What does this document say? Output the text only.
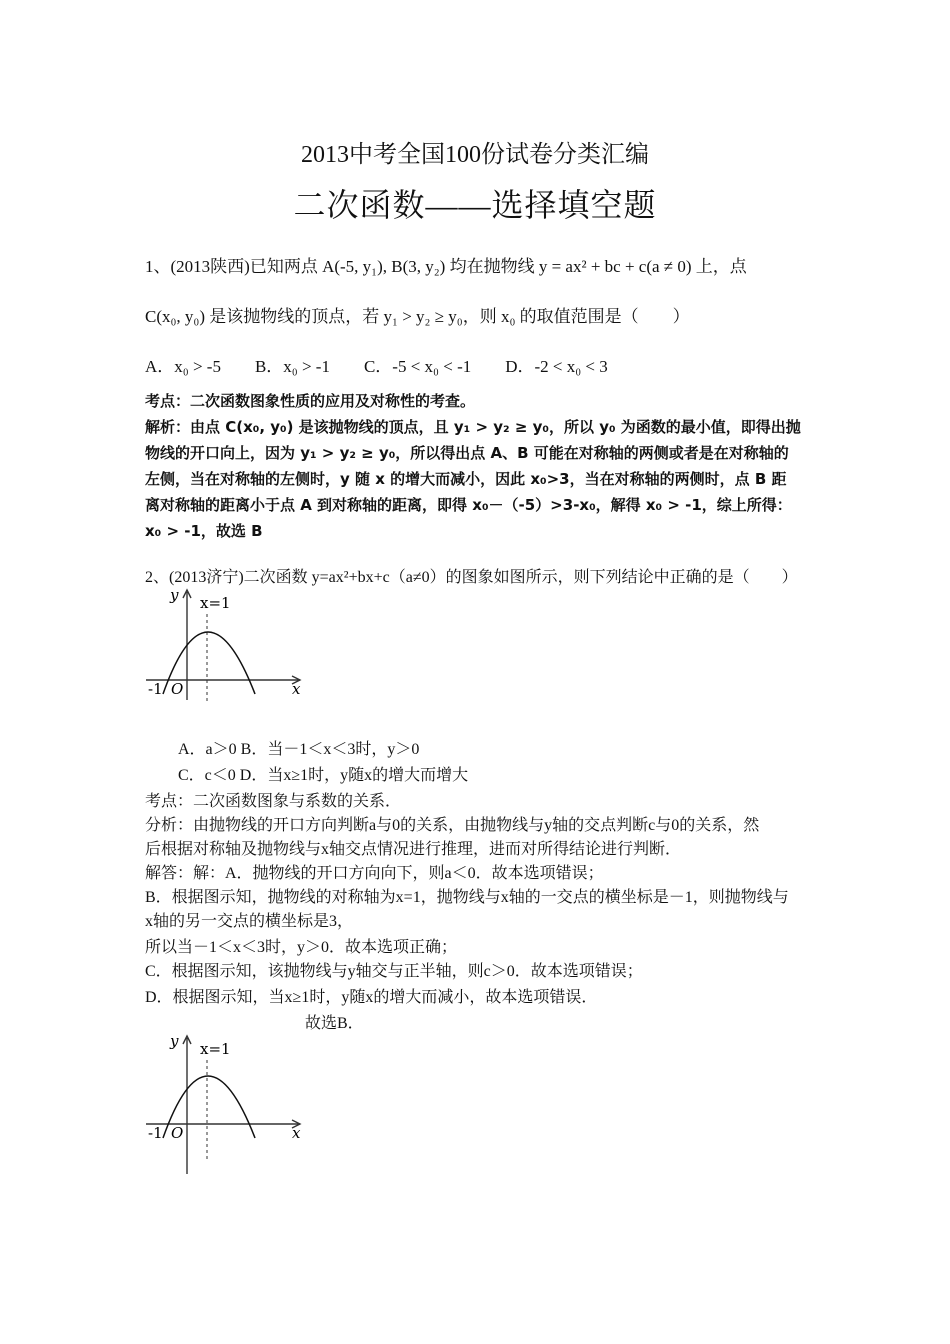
2013中考全国100份试卷分类汇编
二次函数——选择填空题
1、(2013陕西)已知两点 A(-5, y₁), B(3, y₂) 均在抛物线 y = ax² + bc + c(a ≠ 0) 上，点
C(x₀, y₀) 是该抛物线的顶点，若 y₁ > y₂ ≥ y₀，则 x₀ 的取值范围是（　　）
A．x₀ > -5　　B．x₀ > -1　　C．-5 < x₀ < -1　　D．-2 < x₀ < 3
考点：二次函数图象性质的应用及对称性的考查。
解析：由点 C(x₀, y₀) 是该抛物线的顶点，且 y₁ > y₂ ≥ y₀，所以 y₀ 为函数的最小值，即得出抛
物线的开口向上，因为 y₁ > y₂ ≥ y₀，所以得出点 A、B 可能在对称轴的两侧或者是在对称轴的
左侧，当在对称轴的左侧时，y 随 x 的增大而减小，因此 x₀>3，当在对称轴的两侧时，点 B 距
离对称轴的距离小于点 A 到对称轴的距离，即得 x₀－（-5）>3-x₀，解得 x₀ > -1，综上所得：
x₀ > -1，故选 B
2、(2013济宁)二次函数 y=ax²+bx+c（a≠0）的图象如图所示，则下列结论中正确的是（　　）
y
x
x=1
-1 O
A．a＞0 B．当－1＜x＜3时，y＞0
C．c＜0 D．当x≥1时，y随x的增大而增大
考点：二次函数图象与系数的关系．
分析：由抛物线的开口方向判断a与0的关系，由抛物线与y轴的交点判断c与0的关系，然
后根据对称轴及抛物线与x轴交点情况进行推理，进而对所得结论进行判断．
解答：解：A．抛物线的开口方向向下，则a＜0．故本选项错误；
B．根据图示知，抛物线的对称轴为x=1，抛物线与x轴的一交点的横坐标是－1，则抛物线与
x轴的另一交点的横坐标是3，
所以当－1＜x＜3时，y＞0．故本选项正确；
C．根据图示知，该抛物线与y轴交与正半轴，则c＞0．故本选项错误；
D．根据图示知，当x≥1时，y随x的增大而减小，故本选项错误．
故选B．
y
x
x=1
-1 O
